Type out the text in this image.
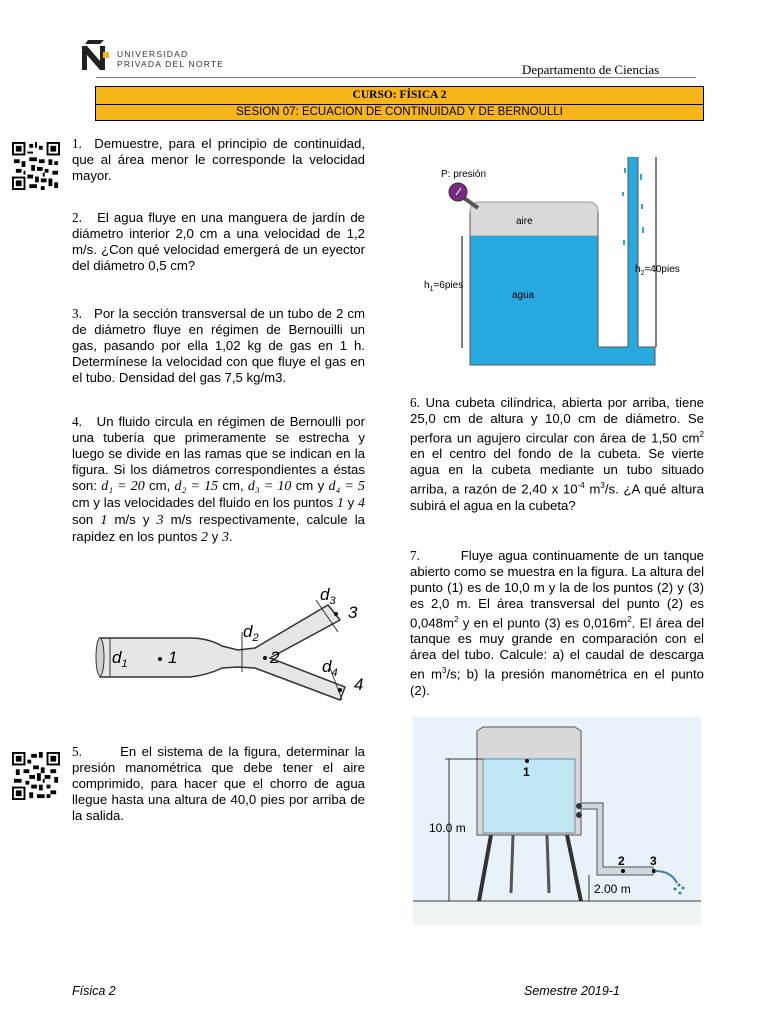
UNIVERSIDAD
PRIVADA DEL NORTE	Departamento de Ciencias
CURSO: FÍSICA 2
SESION 07: ECUACION DE CONTINUIDAD Y DE BERNOULLI
1. Demuestre, para el principio de continuidad, que al área menor le corresponde la velocidad mayor.
2. El agua fluye en una manguera de jardín de diámetro interior 2,0 cm a una velocidad de 1,2 m/s. ¿Con qué velocidad emergerá de un eyector del diámetro 0,5 cm?
3. Por la sección transversal de un tubo de 2 cm de diámetro fluye en régimen de Bernouilli un gas, pasando por ella 1,02 kg de gas en 1 h. Determínese la velocidad con que fluye el gas en el tubo. Densidad del gas 7,5 kg/m3.
4. Un fluido circula en régimen de Bernoulli por una tubería que primeramente se estrecha y luego se divide en las ramas que se indican en la figura. Si los diámetros correspondientes a éstas son: d₁ = 20 cm, d₂ = 15 cm, d₃ = 10 cm y d₄ = 5 cm y las velocidades del fluido en los puntos 1 y 4 son 1 m/s y 3 m/s respectivamente, calcule la rapidez en los puntos 2 y 3.
$d_1$ 1
$d_2$
2
$d_3$
3
$d_4$
4
5.	En el sistema de la figura, determinar la presión manométrica que debe tener el aire comprimido, para hacer que el chorro de agua llegue hasta una altura de 40,0 pies por arriba de la salida.
P: presión
aire
agua
$h_1=6pies$
$h_2=40pies$
6. Una cubeta cilíndrica, abierta por arriba, tiene 25,0 cm de altura y 10,0 cm de diámetro. Se perfora un agujero circular con área de 1,50 $cm^2$ en el centro del fondo de la cubeta. Se vierte agua en la cubeta mediante un tubo situado arriba, a razón de 2,40 x $10^{-4}$ $m^3/s$. ¿A qué altura subirá el agua en la cubeta?
7.	Fluye agua continuamente de un tanque abierto como se muestra en la figura. La altura del punto (1) es de 10,0 m y la de los puntos (2) y (3) es 2,0 m. El área transversal del punto (2) es $0,048m^2$ y en el punto (3) es $0,016m^2$. El área del tanque es muy grande en comparación con el área del tubo. Calcule: a) el caudal de descarga en $m^3/s$; b) la presión manométrica en el punto (2).
1
2 3
10.0 m
2.00 m
Física 2	Semestre 2019-1
